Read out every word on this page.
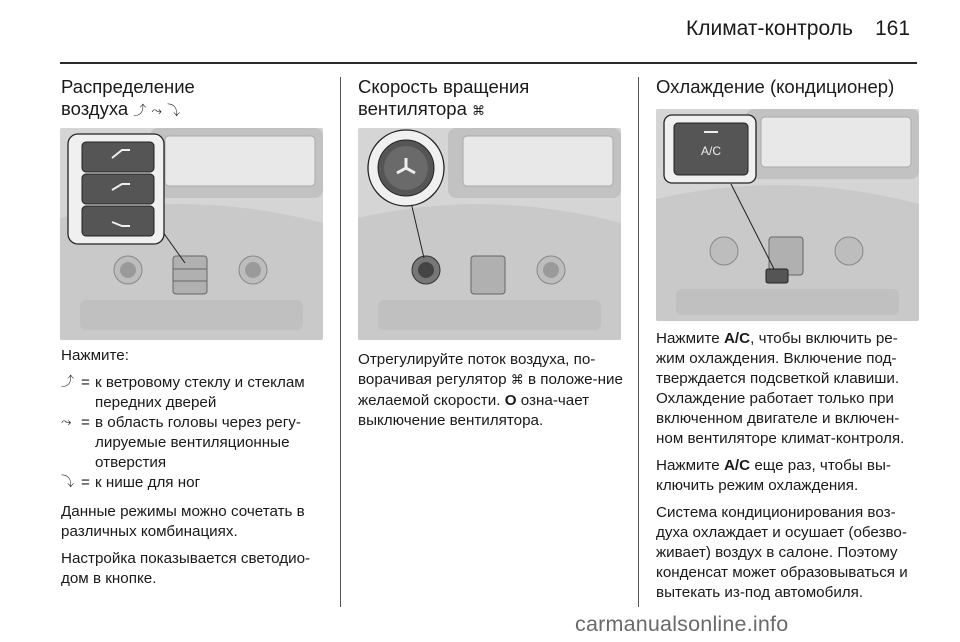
Климат-контроль 161
Распределение
воздуха ⤴ ⤳ ⤵

Нажмите:

⤴ = к ветровому стеклу и стеклам передних дверей
⤳ = в область головы через регу-лируемые вентиляционные отверстия
⤵ = к нише для ног

Данные режимы можно сочетать в различных комбинациях.

Настройка показывается светодио-дом в кнопке.

Скорость вращения
вентилятора ⌘

Отрегулируйте поток воздуха, по-ворачивая регулятор ⌘ в положе-ние желаемой скорости. O озна-чает выключение вентилятора.

Охлаждение (кондиционер)
A/C

Нажмите A/C, чтобы включить ре-жим охлаждения. Включение под-тверждается подсветкой клавиши. Охлаждение работает только при включенном двигателе и включен-ном вентиляторе климат-контроля.

Нажмите A/C еще раз, чтобы вы-ключить режим охлаждения.

Система кондиционирования воз-духа охлаждает и осушает (обезво-живает) воздух в салоне. Поэтому конденсат может образовываться и вытекать из-под автомобиля.

carmanualsonline.info
